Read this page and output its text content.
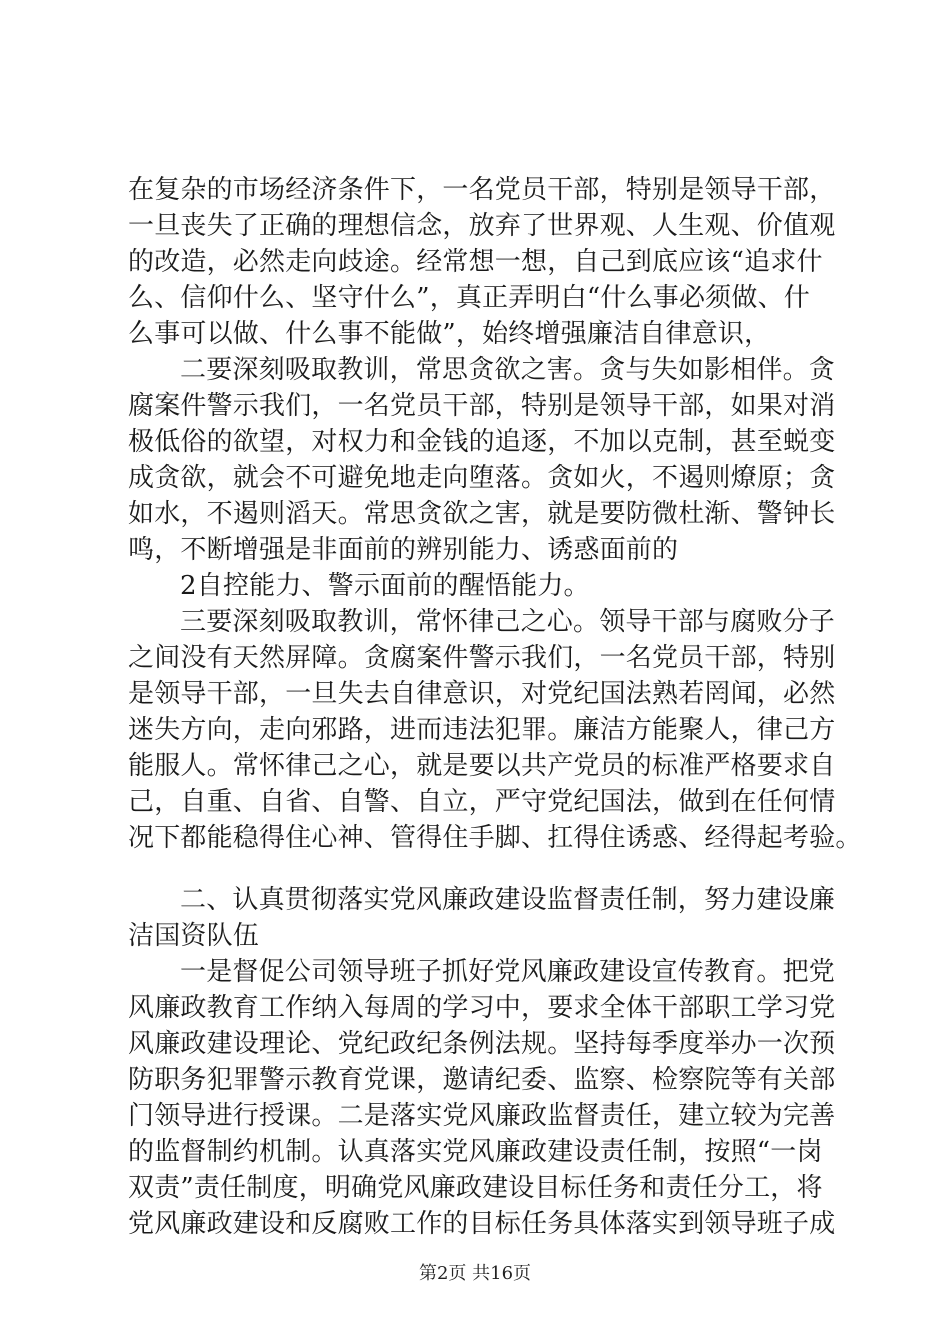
在复杂的市场经济条件下，一名党员干部，特别是领导干部，
一旦丧失了正确的理想信念，放弃了世界观、人生观、价值观
的改造，必然走向歧途。经常想一想，自己到底应该“追求什
么、信仰什么、坚守什么”，真正弄明白“什么事必须做、什
么事可以做、什么事不能做”，始终增强廉洁自律意识，
二要深刻吸取教训，常思贪欲之害。贪与失如影相伴。贪
腐案件警示我们，一名党员干部，特别是领导干部，如果对消
极低俗的欲望，对权力和金钱的追逐，不加以克制，甚至蜕变
成贪欲，就会不可避免地走向堕落。贪如火，不遏则燎原；贪
如水，不遏则滔天。常思贪欲之害，就是要防微杜渐、警钟长
鸣，不断增强是非面前的辨别能力、诱惑面前的
2自控能力、警示面前的醒悟能力。
三要深刻吸取教训，常怀律己之心。领导干部与腐败分子
之间没有天然屏障。贪腐案件警示我们，一名党员干部，特别
是领导干部，一旦失去自律意识，对党纪国法熟若罔闻，必然
迷失方向，走向邪路，进而违法犯罪。廉洁方能聚人，律己方
能服人。常怀律己之心，就是要以共产党员的标准严格要求自
己，自重、自省、自警、自立，严守党纪国法，做到在任何情
况下都能稳得住心神、管得住手脚、扛得住诱惑、经得起考验。
二、认真贯彻落实党风廉政建设监督责任制，努力建设廉
洁国资队伍
一是督促公司领导班子抓好党风廉政建设宣传教育。把党
风廉政教育工作纳入每周的学习中，要求全体干部职工学习党
风廉政建设理论、党纪政纪条例法规。坚持每季度举办一次预
防职务犯罪警示教育党课，邀请纪委、监察、检察院等有关部
门领导进行授课。二是落实党风廉政监督责任，建立较为完善
的监督制约机制。认真落实党风廉政建设责任制，按照“一岗
双责”责任制度，明确党风廉政建设目标任务和责任分工，将
党风廉政建设和反腐败工作的目标任务具体落实到领导班子成
第2页 共16页
